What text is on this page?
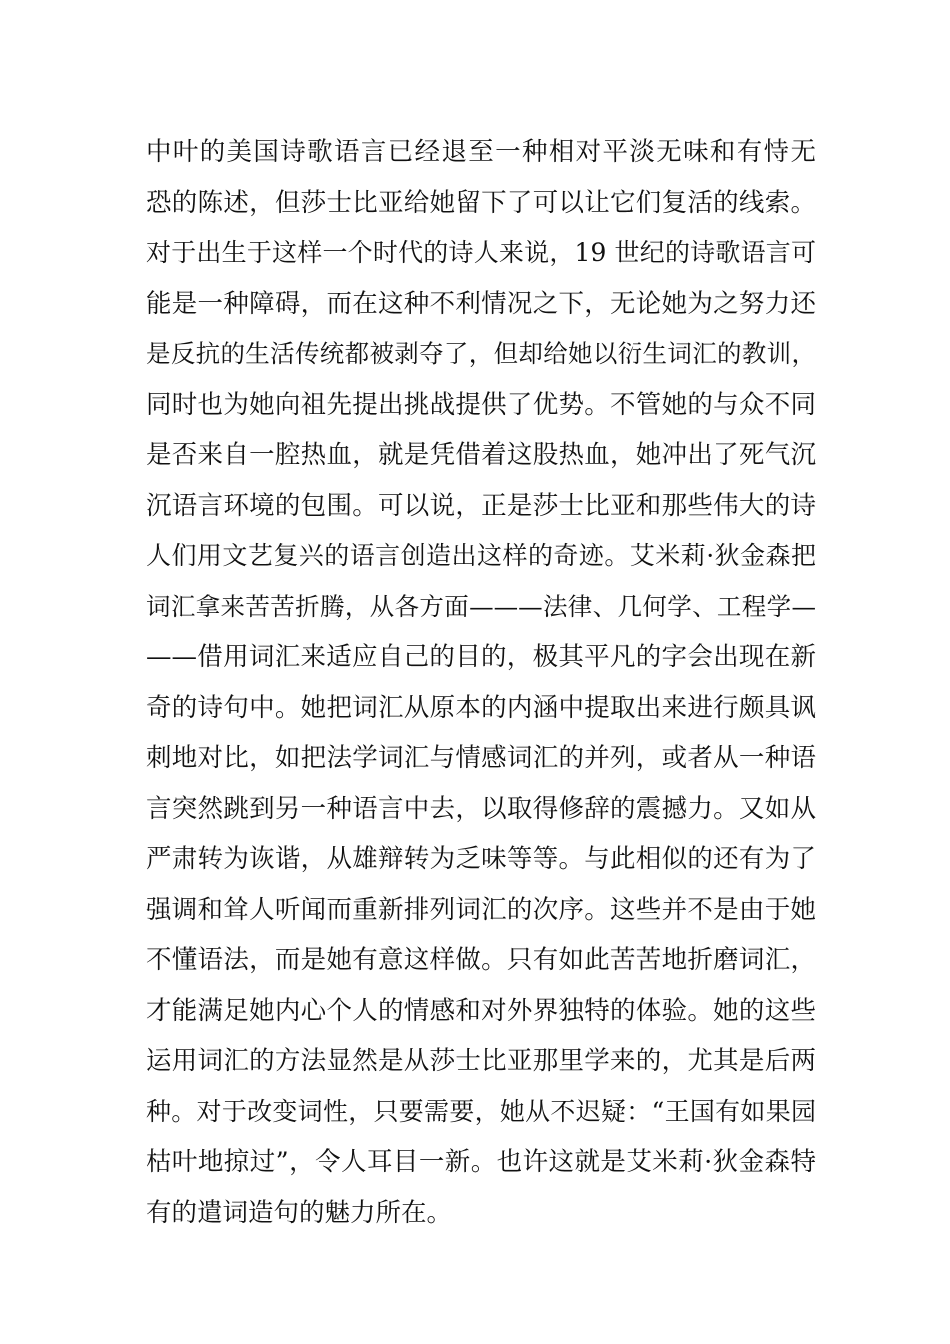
中叶的美国诗歌语言已经退至一种相对平淡无味和有恃无
恐的陈述，但莎士比亚给她留下了可以让它们复活的线索。
对于出生于这样一个时代的诗人来说，19 世纪的诗歌语言可
能是一种障碍，而在这种不利情况之下，无论她为之努力还
是反抗的生活传统都被剥夺了，但却给她以衍生词汇的教训，
同时也为她向祖先提出挑战提供了优势。不管她的与众不同
是否来自一腔热血，就是凭借着这股热血，她冲出了死气沉
沉语言环境的包围。可以说，正是莎士比亚和那些伟大的诗
人们用文艺复兴的语言创造出这样的奇迹。艾米莉·狄金森把
词汇拿来苦苦折腾，从各方面———法律、几何学、工程学—
——借用词汇来适应自己的目的，极其平凡的字会出现在新
奇的诗句中。她把词汇从原本的内涵中提取出来进行颇具讽
刺地对比，如把法学词汇与情感词汇的并列，或者从一种语
言突然跳到另一种语言中去，以取得修辞的震撼力。又如从
严肃转为诙谐，从雄辩转为乏味等等。与此相似的还有为了
强调和耸人听闻而重新排列词汇的次序。这些并不是由于她
不懂语法，而是她有意这样做。只有如此苦苦地折磨词汇，
才能满足她内心个人的情感和对外界独特的体验。她的这些
运用词汇的方法显然是从莎士比亚那里学来的，尤其是后两
种。对于改变词性，只要需要，她从不迟疑：“王国有如果园
枯叶地掠过”，令人耳目一新。也许这就是艾米莉·狄金森特
有的遣词造句的魅力所在。
